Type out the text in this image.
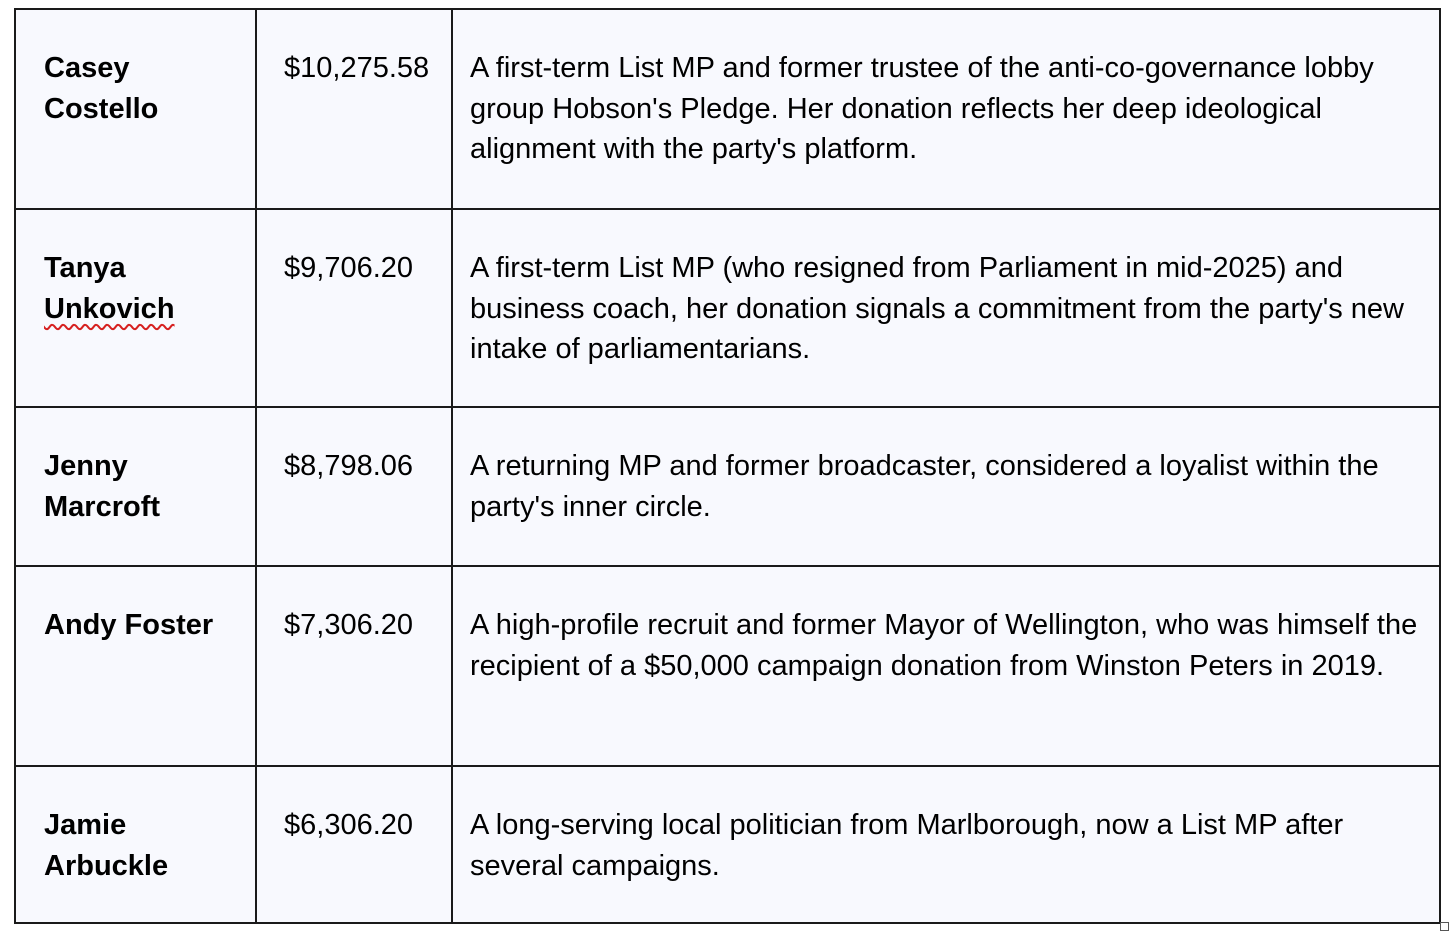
Casey
Costello	$10,275.58	A first-term List MP and former trustee of the anti-co-governance lobby group Hobson's Pledge. Her donation reflects her deep ideological alignment with the party's platform.

Tanya
Unkovich	$9,706.20	A first-term List MP (who resigned from Parliament in mid-2025) and business coach, her donation signals a commitment from the party's new intake of parliamentarians.

Jenny
Marcroft	$8,798.06	A returning MP and former broadcaster, considered a loyalist within the party's inner circle.

Andy Foster	$7,306.20	A high-profile recruit and former Mayor of Wellington, who was himself the recipient of a $50,000 campaign donation from Winston Peters in 2019.

Jamie
Arbuckle	$6,306.20	A long-serving local politician from Marlborough, now a List MP after several campaigns.
